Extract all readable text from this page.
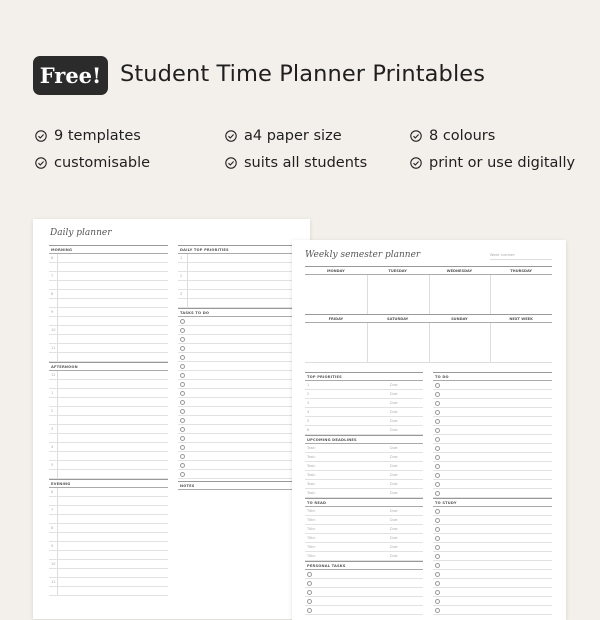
Free! Student Time Planner Printables
9 templates
customisable
a4 paper size
suits all students
8 colours
print or use digitally
Daily planner
MORNING
6
7
8
9
10
11
AFTERNOON
12
1
2
3
4
5
EVENING
6
7
8
9
10
11
DAILY TOP PRIORITIES
1
2
3
TASKS TO DO
NOTES
Weekly semester planner	Week number:
MONDAY	TUESDAY	WEDNESDAY	THURSDAY
FRIDAY	SATURDAY	SUNDAY	NEXT WEEK
TOP PRIORITIES
1	Due:
2	Due:
3	Due:
4	Due:
5	Due:
6	Due:
UPCOMING DEADLINES
Task:	Due:
Task:	Due:
Task:	Due:
Task:	Due:
Task:	Due:
Task:	Due:
TO READ
Title:	Due:
Title:	Due:
Title:	Due:
Title:	Due:
Title:	Due:
Title:	Due:
PERSONAL TASKS
TO DO
TO STUDY
